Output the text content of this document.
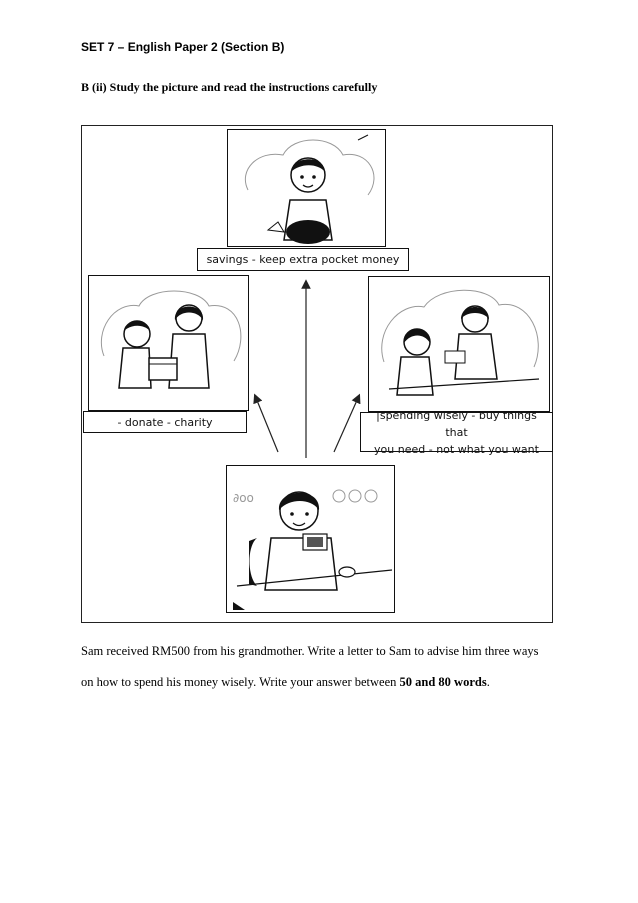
SET 7 – English Paper 2 (Section B)
B (ii) Study the picture and read the instructions carefully
savings - keep extra pocket money
- donate - charity
|spending wisely - buy things that
you need - not what you want
∂oo
Sam received RM500 from his grandmother. Write a letter to Sam to advise him three ways
on how to spend his money wisely. Write your answer between 50 and 80 words.
